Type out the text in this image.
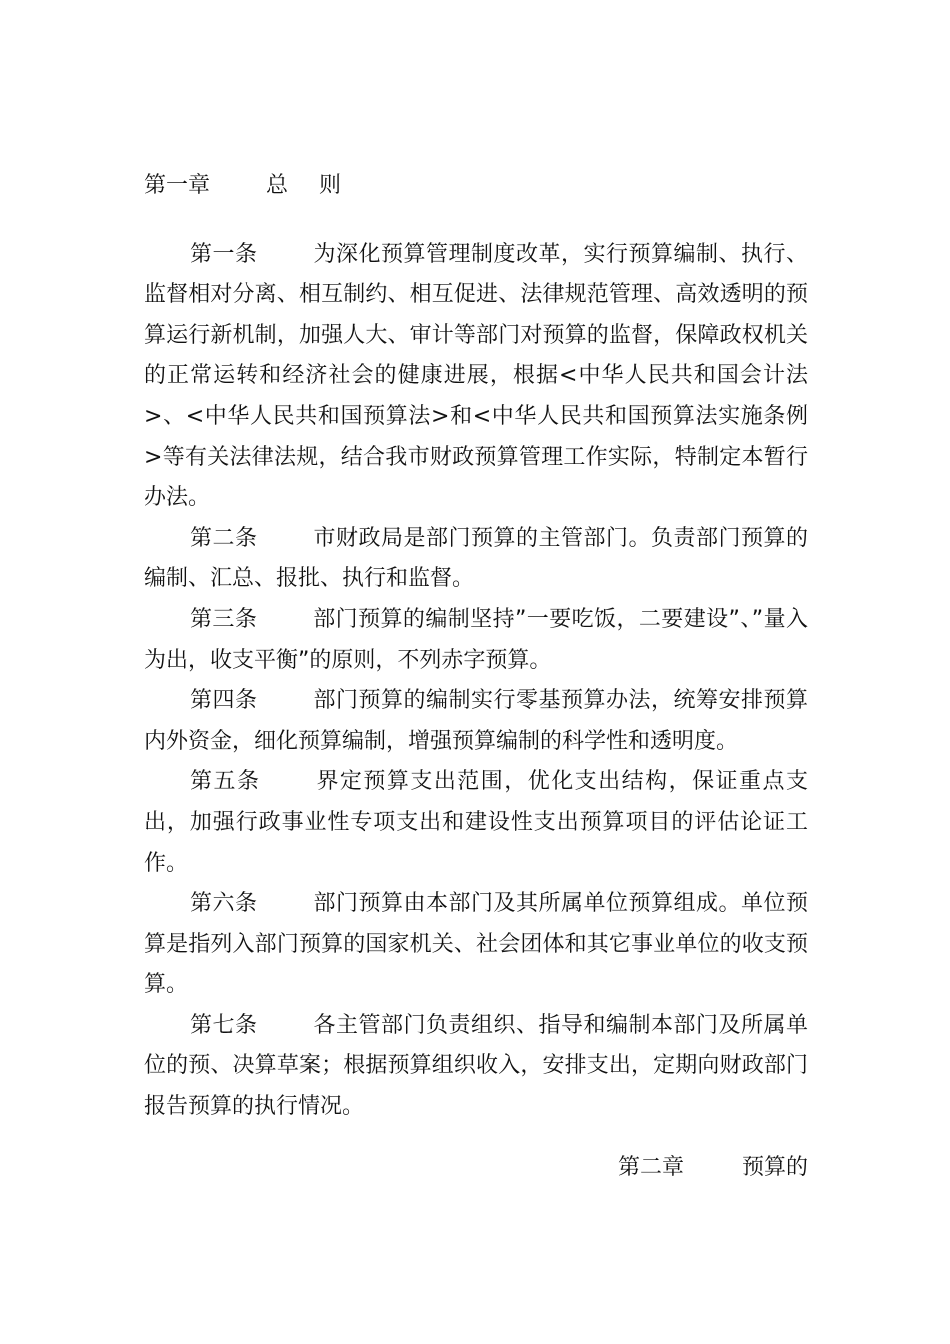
第一章	总 则

第一条	为深化预算管理制度改革，实行预算编制、执行、监督相对分离、相互制约、相互促进、法律规范管理、高效透明的预算运行新机制，加强人大、审计等部门对预算的监督，保障政权机关的正常运转和经济社会的健康进展，根据<中华人民共和国会计法>、<中华人民共和国预算法>和<中华人民共和国预算法实施条例>等有关法律法规，结合我市财政预算管理工作实际，特制定本暂行办法。

第二条	市财政局是部门预算的主管部门。负责部门预算的编制、汇总、报批、执行和监督。

第三条	部门预算的编制坚持”一要吃饭，二要建设”、”量入为出，收支平衡”的原则，不列赤字预算。

第四条	部门预算的编制实行零基预算办法，统筹安排预算内外资金，细化预算编制，增强预算编制的科学性和透明度。

第五条	界定预算支出范围，优化支出结构，保证重点支出，加强行政事业性专项支出和建设性支出预算项目的评估论证工作。

第六条	部门预算由本部门及其所属单位预算组成。单位预算是指列入部门预算的国家机关、社会团体和其它事业单位的收支预算。

第七条	各主管部门负责组织、指导和编制本部门及所属单位的预、决算草案；根据预算组织收入，安排支出，定期向财政部门报告预算的执行情况。

第二章	预算的
